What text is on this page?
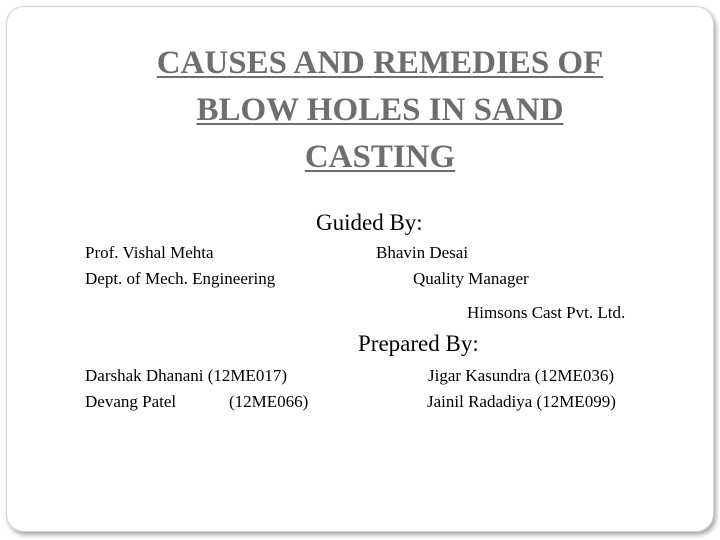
CAUSES AND REMEDIES OF
BLOW HOLES IN SAND
CASTING
Guided By:
Prof. Vishal Mehta	Bhavin Desai
Dept. of Mech. Engineering	Quality Manager
Himsons Cast Pvt. Ltd.
Prepared By:
Darshak Dhanani (12ME017)	Jigar Kasundra (12ME036)
Devang Patel	(12ME066)	Jainil Radadiya (12ME099)
